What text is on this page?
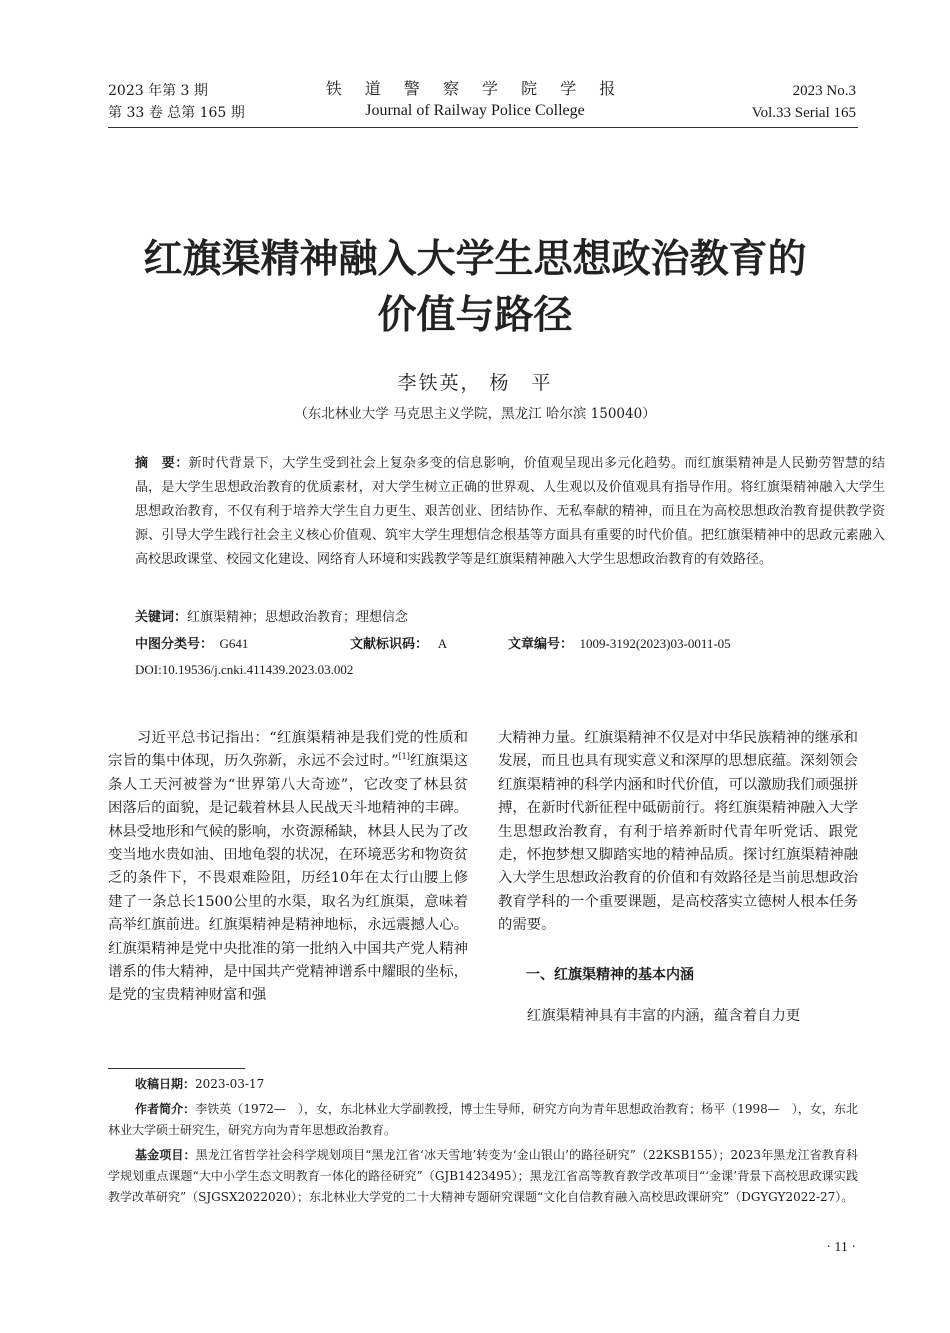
2023 年第 3 期
第 33 卷 总第 165 期
铁 道 警 察 学 院 学 报
Journal of Railway Police College
2023 No.3
Vol.33 Serial 165
红旗渠精神融入大学生思想政治教育的
价值与路径
李铁英， 杨　平
（东北林业大学 马克思主义学院，黑龙江 哈尔滨 150040）
摘　要：新时代背景下，大学生受到社会上复杂多变的信息影响，价值观呈现出多元化趋势。而红旗渠精神是人民勤劳智慧的结晶，是大学生思想政治教育的优质素材，对大学生树立正确的世界观、人生观以及价值观具有指导作用。将红旗渠精神融入大学生思想政治教育，不仅有利于培养大学生自力更生、艰苦创业、团结协作、无私奉献的精神，而且在为高校思想政治教育提供教学资源、引导大学生践行社会主义核心价值观、筑牢大学生理想信念根基等方面具有重要的时代价值。把红旗渠精神中的思政元素融入高校思政课堂、校园文化建设、网络育人环境和实践教学等是红旗渠精神融入大学生思想政治教育的有效路径。
关键词：红旗渠精神；思想政治教育；理想信念
中图分类号： G641	文献标识码： A	文章编号： 1009-3192(2023)03-0011-05
DOI:10.19536/j.cnki.411439.2023.03.002

习近平总书记指出：“红旗渠精神是我们党的性质和宗旨的集中体现，历久弥新，永远不会过时。”[1]红旗渠这条人工天河被誉为“世界第八大奇迹”，它改变了林县贫困落后的面貌，是记载着林县人民战天斗地精神的丰碑。林县受地形和气候的影响，水资源稀缺，林县人民为了改变当地水贵如油、田地龟裂的状况，在环境恶劣和物资贫乏的条件下，不畏艰难险阻，历经10年在太行山腰上修建了一条总长1500公里的水渠，取名为红旗渠，意味着高举红旗前进。红旗渠精神是精神地标，永远震撼人心。红旗渠精神是党中央批准的第一批纳入中国共产党人精神谱系的伟大精神，是中国共产党精神谱系中耀眼的坐标，是党的宝贵精神财富和强

大精神力量。红旗渠精神不仅是对中华民族精神的继承和发展，而且也具有现实意义和深厚的思想底蕴。深刻领会红旗渠精神的科学内涵和时代价值，可以激励我们顽强拼搏，在新时代新征程中砥砺前行。将红旗渠精神融入大学生思想政治教育，有利于培养新时代青年听党话、跟党走，怀抱梦想又脚踏实地的精神品质。探讨红旗渠精神融入大学生思想政治教育的价值和有效路径是当前思想政治教育学科的一个重要课题，是高校落实立德树人根本任务的需要。

一、红旗渠精神的基本内涵

红旗渠精神具有丰富的内涵，蕴含着自力更

收稿日期：2023-03-17

作者简介：李铁英（1972—　），女，东北林业大学副教授，博士生导师，研究方向为青年思想政治教育；杨平（1998—　），女，东北林业大学硕士研究生，研究方向为青年思想政治教育。

基金项目：黑龙江省哲学社会科学规划项目“黑龙江省‘冰天雪地’转变为‘金山银山’的路径研究”（22KSB155）；2023年黑龙江省教育科学规划重点课题“大中小学生态文明教育一体化的路径研究”（GJB1423495）；黑龙江省高等教育教学改革项目“‘金课’背景下高校思政课实践教学改革研究”（SJGSX2022020）；东北林业大学党的二十大精神专题研究课题“文化自信教育融入高校思政课研究”（DGYGY2022-27）。

· 11 ·
